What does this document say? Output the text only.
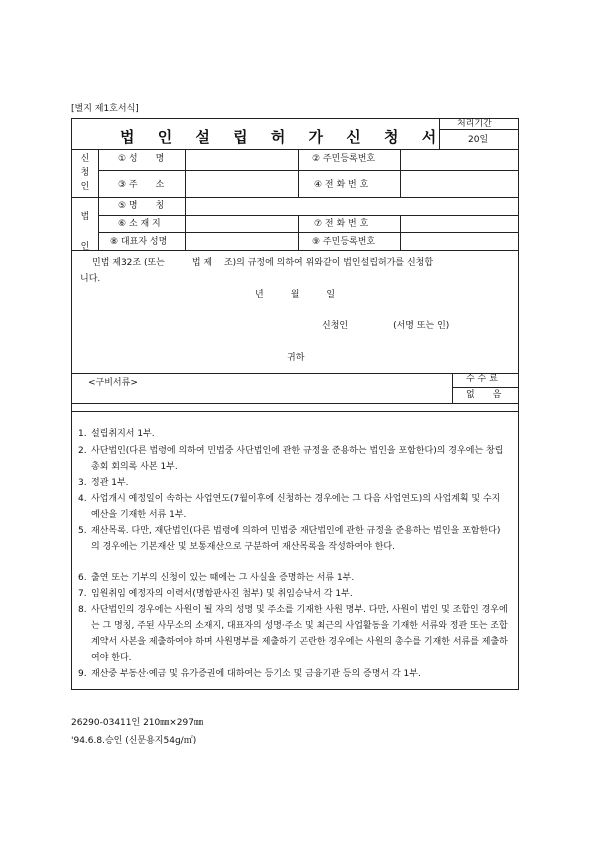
[별지 제1호서식]
법 인 설 립 허 가 신 청 서
처리기간
20일
신
청
인
① 성　　명	② 주민등록번호
③ 주　　소	④ 전 화 번 호
법
인
⑤ 명　　칭
⑥ 소 재 지	⑦ 전 화 번 호
⑧ 대표자 성명	⑨ 주민등록번호
민법 제32조 (또는　　　법 제　 조)의 규정에 의하여 위와같이 법인설립허가를 신청합
니다.
년　　　월　　　일
신청인　　　　　(서명 또는 인)
귀하
<구비서류>	수 수 료
없　　음
1. 설립취지서 1부.
2. 사단법인(다른 법령에 의하여 민법중 사단법인에 관한 규정을 준용하는 법인을 포함한다)의 경우에는 창립총회 회의록 사본 1부.
3. 정관 1부.
4. 사업개시 예정일이 속하는 사업연도(7월이후에 신청하는 경우에는 그 다음 사업연도)의 사업계획 및 수지예산을 기재한 서류 1부.
5. 재산목록. 다만, 재단법인(다른 법령에 의하여 민법중 재단법인에 관한 규정을 준용하는 법인을 포함한다)의 경우에는 기본재산 및 보통재산으로 구분하여 재산목록을 작성하여야 한다.
6. 출연 또는 기부의 신청이 있는 때에는 그 사실을 증명하는 서류 1부.
7. 임원취임 예정자의 이력서(명함판사진 첨부) 및 취임승낙서 각 1부.
8. 사단법인의 경우에는 사원이 될 자의 성명 및 주소를 기재한 사원 명부. 다만, 사원이 법인 및 조합인 경우에는 그 명칭, 주된 사무소의 소재지, 대표자의 성명·주소 및 최근의 사업활동을 기재한 서류와 정관 또는 조합계약서 사본을 제출하여야 하며 사원명부를 제출하기 곤란한 경우에는 사원의 총수를 기재한 서류를 제출하여야 한다.
9. 재산중 부동산·예금 및 유가증권에 대하여는 등기소 및 금융기관 등의 증명서 각 1부.
26290-03411인 210㎜×297㎜
'94.6.8.승인 (신문용지54g/㎡)
